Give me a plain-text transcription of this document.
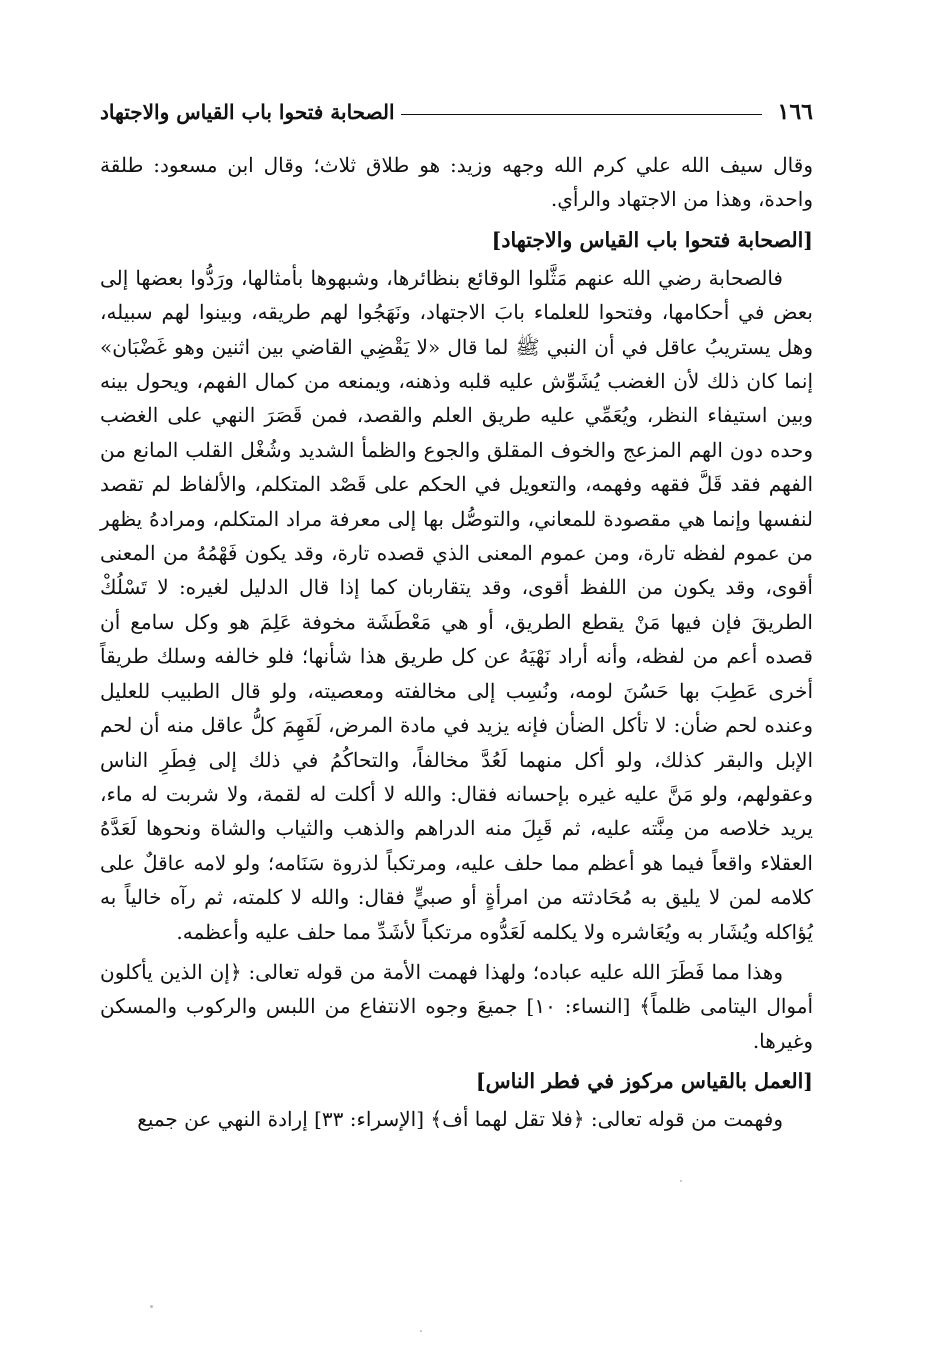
١٦٦
الصحابة فتحوا باب القياس والاجتهاد

وقال سيف الله علي كرم الله وجهه وزيد: هو طلاق ثلاث؛ وقال ابن مسعود: طلقة واحدة، وهذا من الاجتهاد والرأي.

[الصحابة فتحوا باب القياس والاجتهاد]

فالصحابة رضي الله عنهم مَثَّلوا الوقائع بنظائرها، وشبهوها بأمثالها، ورَدُّوا بعضها إلى بعض في أحكامها، وفتحوا للعلماء بابَ الاجتهاد، ونَهَجُوا لهم طريقه، وبينوا لهم سبيله، وهل يستريبُ عاقل في أن النبي ﷺ لما قال «لا يَقْضِي القاضي بين اثنين وهو غَضْبَان» إنما كان ذلك لأن الغضب يُشَوِّش عليه قلبه وذهنه، ويمنعه من كمال الفهم، ويحول بينه وبين استيفاء النظر، ويُعَمِّي عليه طريق العلم والقصد، فمن قَصَرَ النهي على الغضب وحده دون الهم المزعج والخوف المقلق والجوع والظمأ الشديد وشُغْل القلب المانع من الفهم فقد قَلَّ فقهه وفهمه، والتعويل في الحكم على قَصْد المتكلم، والألفاظ لم تقصد لنفسها وإنما هي مقصودة للمعاني، والتوصُّل بها إلى معرفة مراد المتكلم، ومرادهُ يظهر من عموم لفظه تارة، ومن عموم المعنى الذي قصده تارة، وقد يكون فَهْمُهُ من المعنى أقوى، وقد يكون من اللفظ أقوى، وقد يتقاربان كما إذا قال الدليل لغيره: لا تَسْلُكْ الطريقَ فإن فيها مَنْ يقطع الطريق، أو هي مَعْطَشَة مخوفة عَلِمَ هو وكل سامع أن قصده أعم من لفظه، وأنه أراد نَهْيَهُ عن كل طريق هذا شأنها؛ فلو خالفه وسلك طريقاً أخرى عَطِبَ بها حَسُنَ لومه، ونُسِب إلى مخالفته ومعصيته، ولو قال الطبيب للعليل وعنده لحم ضأن: لا تأكل الضأن فإنه يزيد في مادة المرض، لَفَهِمَ كلُّ عاقل منه أن لحم الإبل والبقر كذلك، ولو أكل منهما لَعُدَّ مخالفاً، والتحاكُمُ في ذلك إلى فِطَرِ الناس وعقولهم، ولو مَنَّ عليه غيره بإحسانه فقال: والله لا أكلت له لقمة، ولا شربت له ماء، يريد خلاصه من مِنَّته عليه، ثم قَبِلَ منه الدراهم والذهب والثياب والشاة ونحوها لَعَدَّهُ العقلاء واقعاً فيما هو أعظم مما حلف عليه، ومرتكباً لذروة سَنَامه؛ ولو لامه عاقلٌ على كلامه لمن لا يليق به مُحَادثته من امرأةٍ أو صبيٍّ فقال: والله لا كلمته، ثم رآه خالياً به يُؤاكله ويُشَار به ويُعَاشره ولا يكلمه لَعَدُّوه مرتكباً لأشَدِّ مما حلف عليه وأعظمه.

وهذا مما فَطَرَ الله عليه عباده؛ ولهذا فهمت الأمة من قوله تعالى: ﴿إن الذين يأكلون أموال اليتامى ظلماً﴾ [النساء: ١٠] جميعَ وجوه الانتفاع من اللبس والركوب والمسكن وغيرها.

[العمل بالقياس مركوز في فطر الناس]

وفهمت من قوله تعالى: ﴿فلا تقل لهما أف﴾ [الإسراء: ٣٣] إرادة النهي عن جميع
